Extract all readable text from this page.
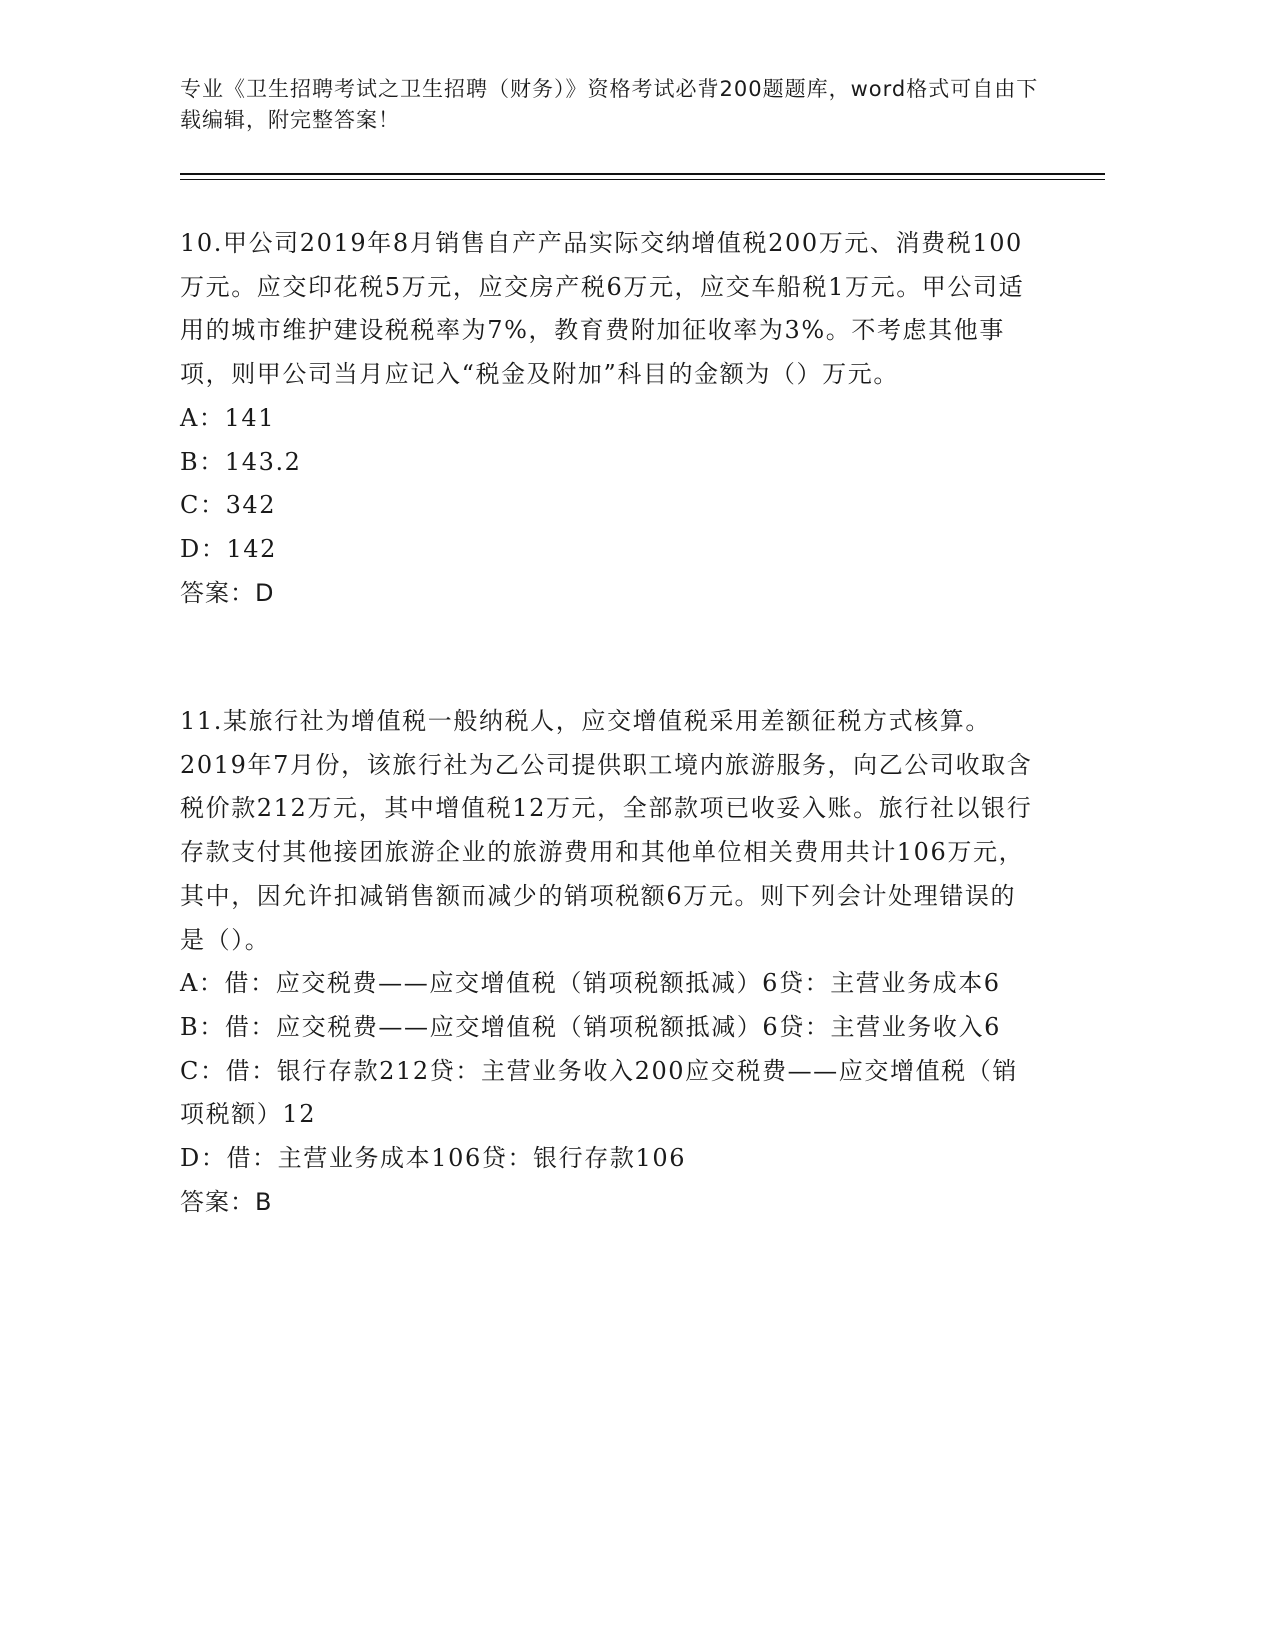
专业《卫生招聘考试之卫生招聘（财务）》资格考试必背200题题库，word格式可自由下载编辑，附完整答案！

10.甲公司2019年8月销售自产产品实际交纳增值税200万元、消费税100万元。应交印花税5万元，应交房产税6万元，应交车船税1万元。甲公司适用的城市维护建设税税率为7%，教育费附加征收率为3%。不考虑其他事项，则甲公司当月应记入“税金及附加”科目的金额为（）万元。

A：141

B：143.2

C：342

D：142

答案：D

11.某旅行社为增值税一般纳税人，应交增值税采用差额征税方式核算。2019年7月份，该旅行社为乙公司提供职工境内旅游服务，向乙公司收取含税价款212万元，其中增值税12万元，全部款项已收妥入账。旅行社以银行存款支付其他接团旅游企业的旅游费用和其他单位相关费用共计106万元，其中，因允许扣减销售额而减少的销项税额6万元。则下列会计处理错误的是（）。

A：借：应交税费——应交增值税（销项税额抵减）6贷：主营业务成本6

B：借：应交税费——应交增值税（销项税额抵减）6贷：主营业务收入6

C：借：银行存款212贷：主营业务收入200应交税费——应交增值税（销项税额）12

D：借：主营业务成本106贷：银行存款106

答案：B
